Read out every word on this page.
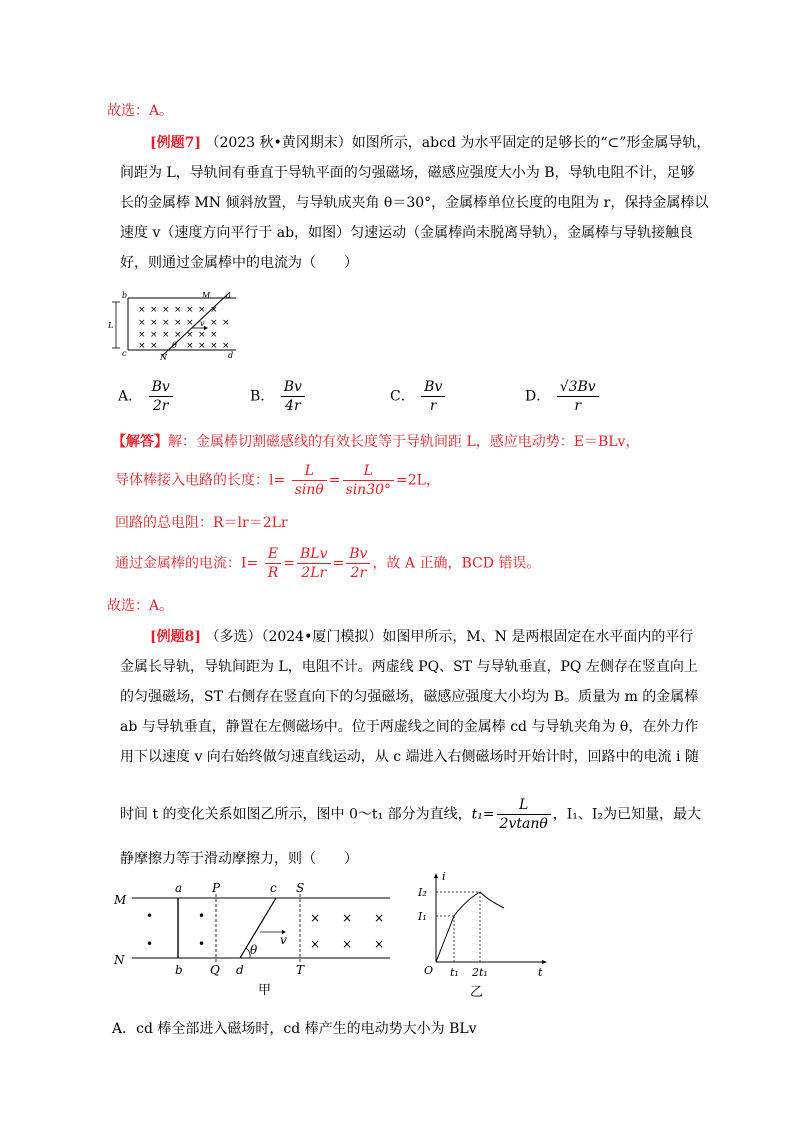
故选：A。
[例题7] （2023 秋•黄冈期末）如图所示，abcd 为水平固定的足够长的“⊂”形金属导轨，
间距为 L，导轨间有垂直于导轨平面的匀强磁场，磁感应强度大小为 B，导轨电阻不计，足够
长的金属棒 MN 倾斜放置，与导轨成夹角 θ＝30°，金属棒单位长度的电阻为 r，保持金属棒以
速度 v（速度方向平行于 ab，如图）匀速运动（金属棒尚未脱离导轨），金属棒与导轨接触良
好，则通过金属棒中的电流为（　　）
× × × × × × ×
× × × × × × ×
× × × × × × ×
× ×	× × × ×
b	a
c	d
M
N
L	v
θ
A． $\frac{Bv}{2r}$	B． $\frac{Bv}{4r}$	C． $\frac{Bv}{r}$	D． $\frac{√3Bv}{r}$
【解答】解：金属棒切割磁感线的有效长度等于导轨间距 L，感应电动势：E＝BLv，
导体棒接入电路的长度：$l= \frac{L}{\sin\theta} = \frac{L}{\sin 30^\circ} =2L$，
回路的总电阻：R＝lr＝2Lr
通过金属棒的电流：$I= \frac{E}{R} = \frac{\text{BLv}}{2Lr} = \frac{Bv}{2r}$ ，故 A 正确，BCD 错误。
故选：A。
[例题8] （多选）（2024•厦门模拟）如图甲所示，M、N 是两根固定在水平面内的平行
金属长导轨，导轨间距为 L，电阻不计。两虚线 PQ、ST 与导轨垂直，PQ 左侧存在竖直向上
的匀强磁场，ST 右侧存在竖直向下的匀强磁场，磁感应强度大小均为 B。质量为 m 的金属棒
ab 与导轨垂直，静置在左侧磁场中。位于两虚线之间的金属棒 cd 与导轨夹角为 θ，在外力作
用下以速度 v 向右始终做匀速直线运动，从 c 端进入右侧磁场时开始计时，回路中的电流 i 随
时间 t 的变化关系如图乙所示，图中 0～t₁ 部分为直线，$t_1= \frac{L}{2vtan\theta}$ ，I₁、I₂为已知量，最大
静摩擦力等于滑动摩擦力，则（　　）
•	•
•	•
× × ×
× × ×
M
N
a
b
P
Q
c
d
S
T
v
θ
甲
i
t
O
I₂
I₁
t₁ 2t₁
乙
A．cd 棒全部进入磁场时，cd 棒产生的电动势大小为 BLv
